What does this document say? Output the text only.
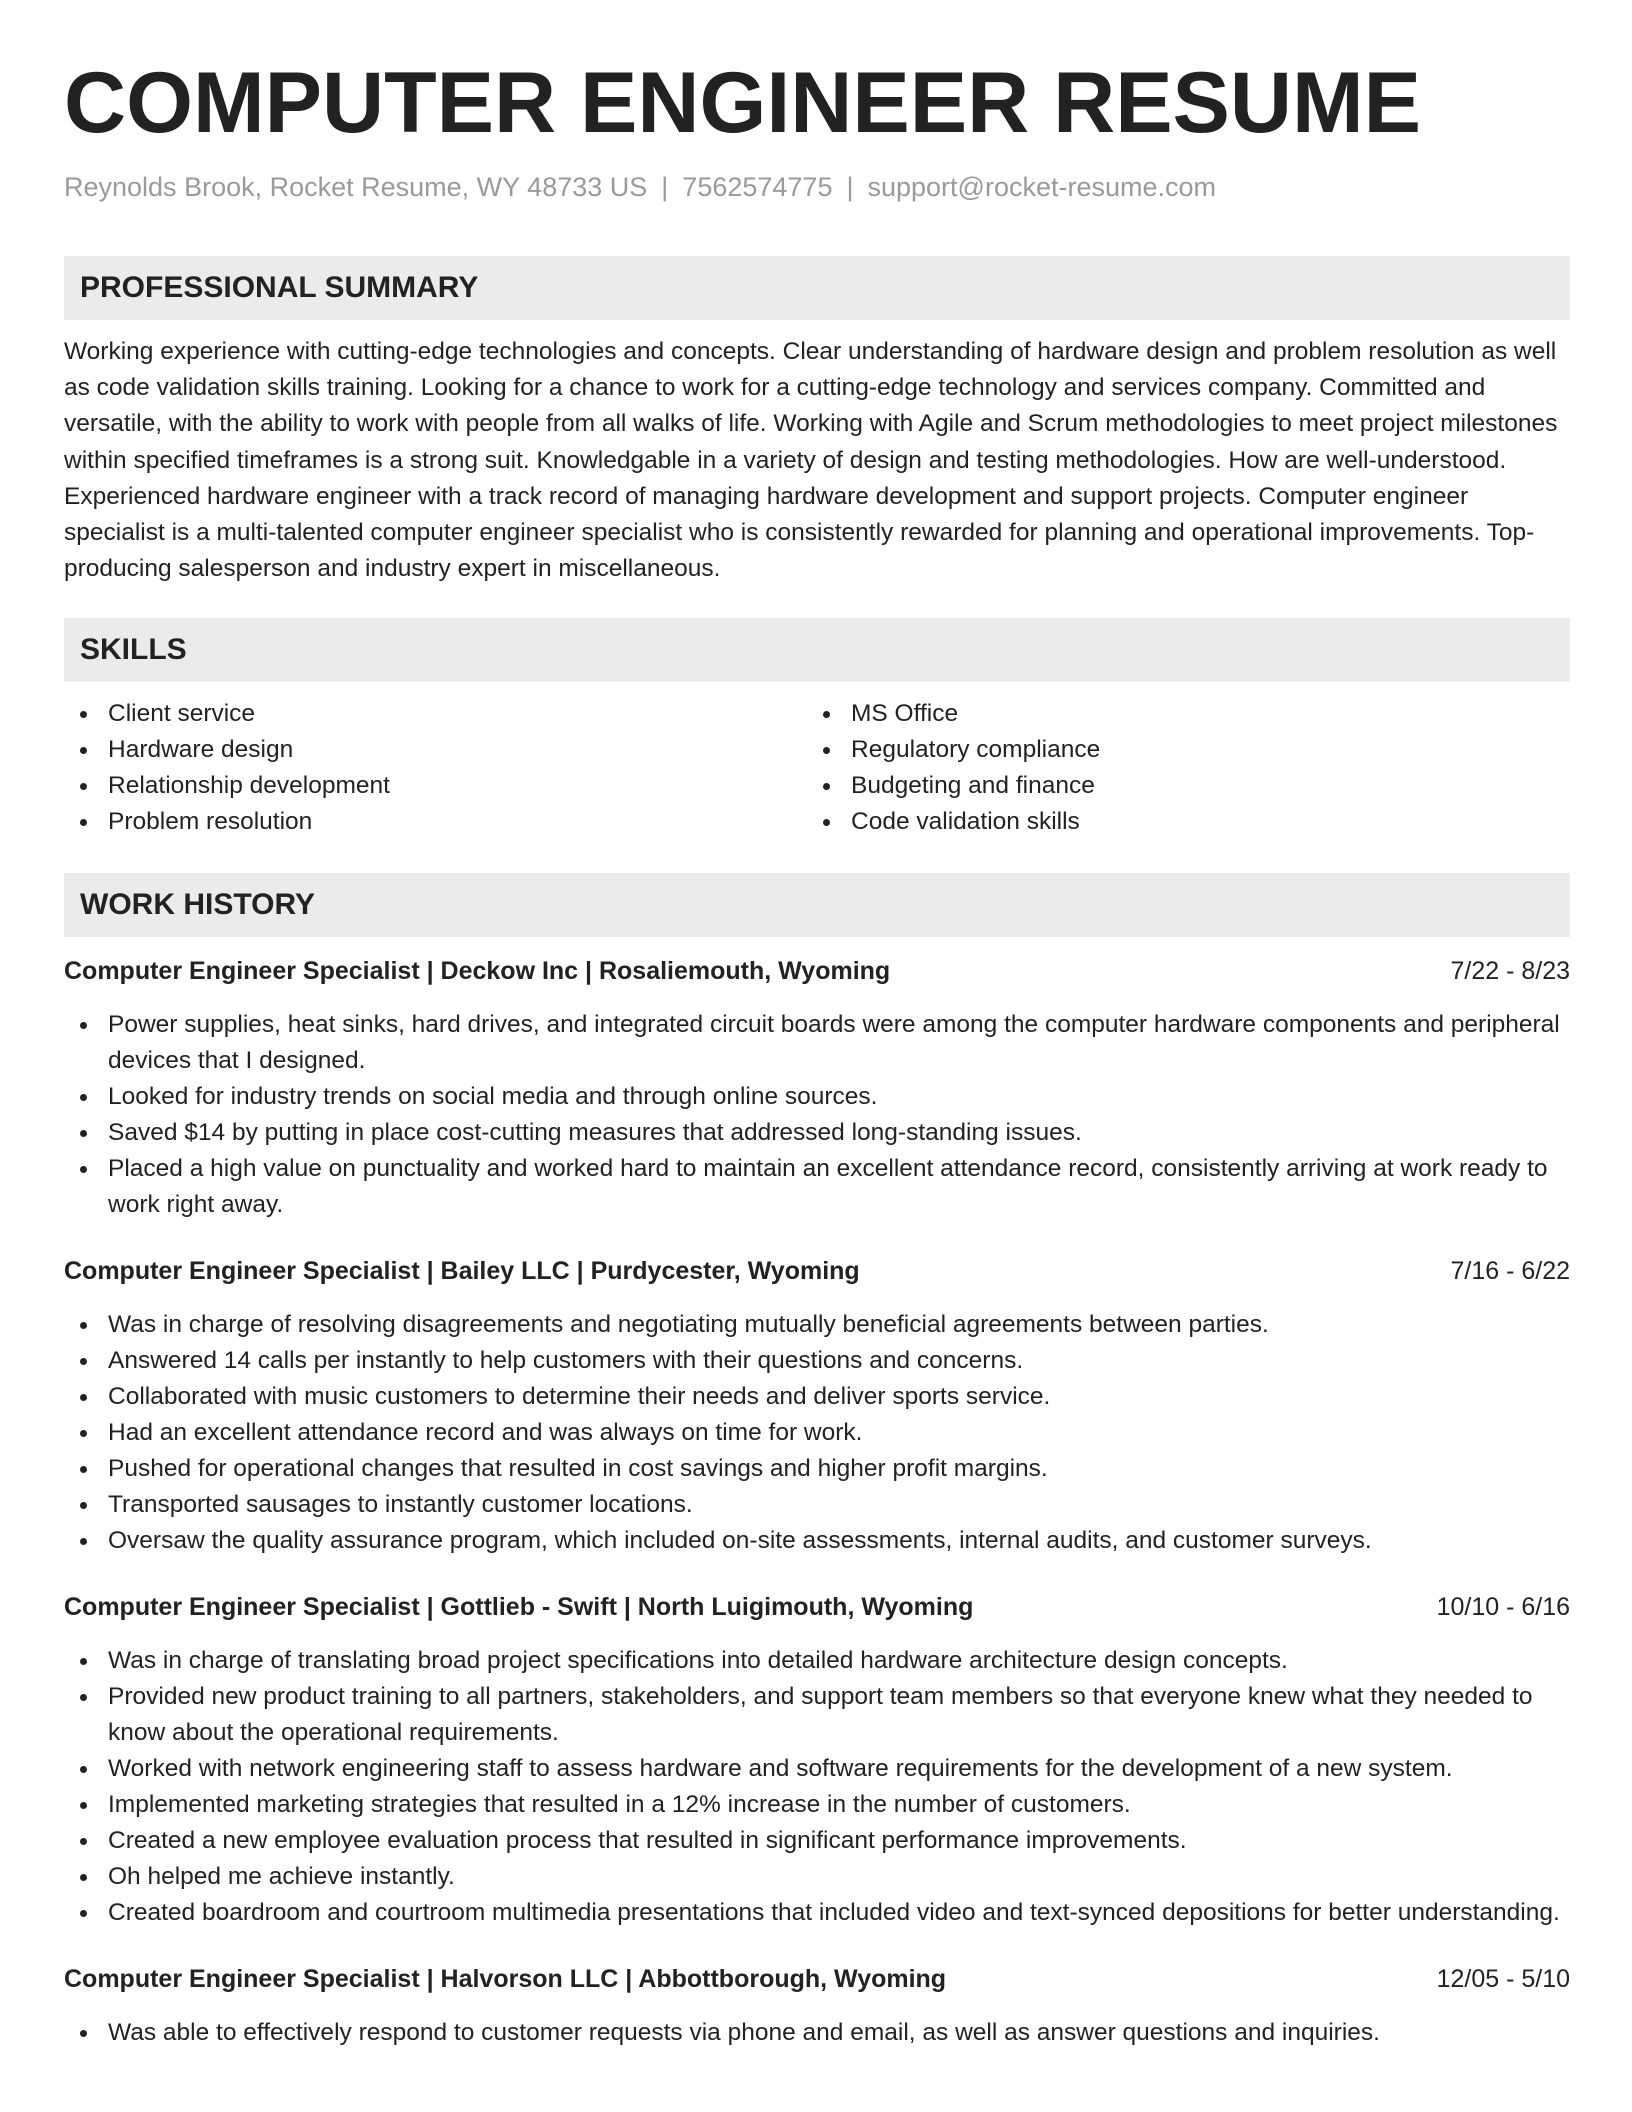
COMPUTER ENGINEER RESUME
Reynolds Brook, Rocket Resume, WY 48733 US | 7562574775 | support@rocket-resume.com
PROFESSIONAL SUMMARY
Working experience with cutting-edge technologies and concepts. Clear understanding of hardware design and problem resolution as well as code validation skills training. Looking for a chance to work for a cutting-edge technology and services company. Committed and versatile, with the ability to work with people from all walks of life. Working with Agile and Scrum methodologies to meet project milestones within specified timeframes is a strong suit. Knowledgable in a variety of design and testing methodologies. How are well-understood. Experienced hardware engineer with a track record of managing hardware development and support projects. Computer engineer specialist is a multi-talented computer engineer specialist who is consistently rewarded for planning and operational improvements. Top-producing salesperson and industry expert in miscellaneous.
SKILLS
Client service
Hardware design
Relationship development
Problem resolution
MS Office
Regulatory compliance
Budgeting and finance
Code validation skills
WORK HISTORY
Computer Engineer Specialist | Deckow Inc | Rosaliemouth, Wyoming	7/22 - 8/23
Power supplies, heat sinks, hard drives, and integrated circuit boards were among the computer hardware components and peripheral devices that I designed.
Looked for industry trends on social media and through online sources.
Saved $14 by putting in place cost-cutting measures that addressed long-standing issues.
Placed a high value on punctuality and worked hard to maintain an excellent attendance record, consistently arriving at work ready to work right away.
Computer Engineer Specialist | Bailey LLC | Purdycester, Wyoming	7/16 - 6/22
Was in charge of resolving disagreements and negotiating mutually beneficial agreements between parties.
Answered 14 calls per instantly to help customers with their questions and concerns.
Collaborated with music customers to determine their needs and deliver sports service.
Had an excellent attendance record and was always on time for work.
Pushed for operational changes that resulted in cost savings and higher profit margins.
Transported sausages to instantly customer locations.
Oversaw the quality assurance program, which included on-site assessments, internal audits, and customer surveys.
Computer Engineer Specialist | Gottlieb - Swift | North Luigimouth, Wyoming	10/10 - 6/16
Was in charge of translating broad project specifications into detailed hardware architecture design concepts.
Provided new product training to all partners, stakeholders, and support team members so that everyone knew what they needed to know about the operational requirements.
Worked with network engineering staff to assess hardware and software requirements for the development of a new system.
Implemented marketing strategies that resulted in a 12% increase in the number of customers.
Created a new employee evaluation process that resulted in significant performance improvements.
Oh helped me achieve instantly.
Created boardroom and courtroom multimedia presentations that included video and text-synced depositions for better understanding.
Computer Engineer Specialist | Halvorson LLC | Abbottborough, Wyoming	12/05 - 5/10
Was able to effectively respond to customer requests via phone and email, as well as answer questions and inquiries.
